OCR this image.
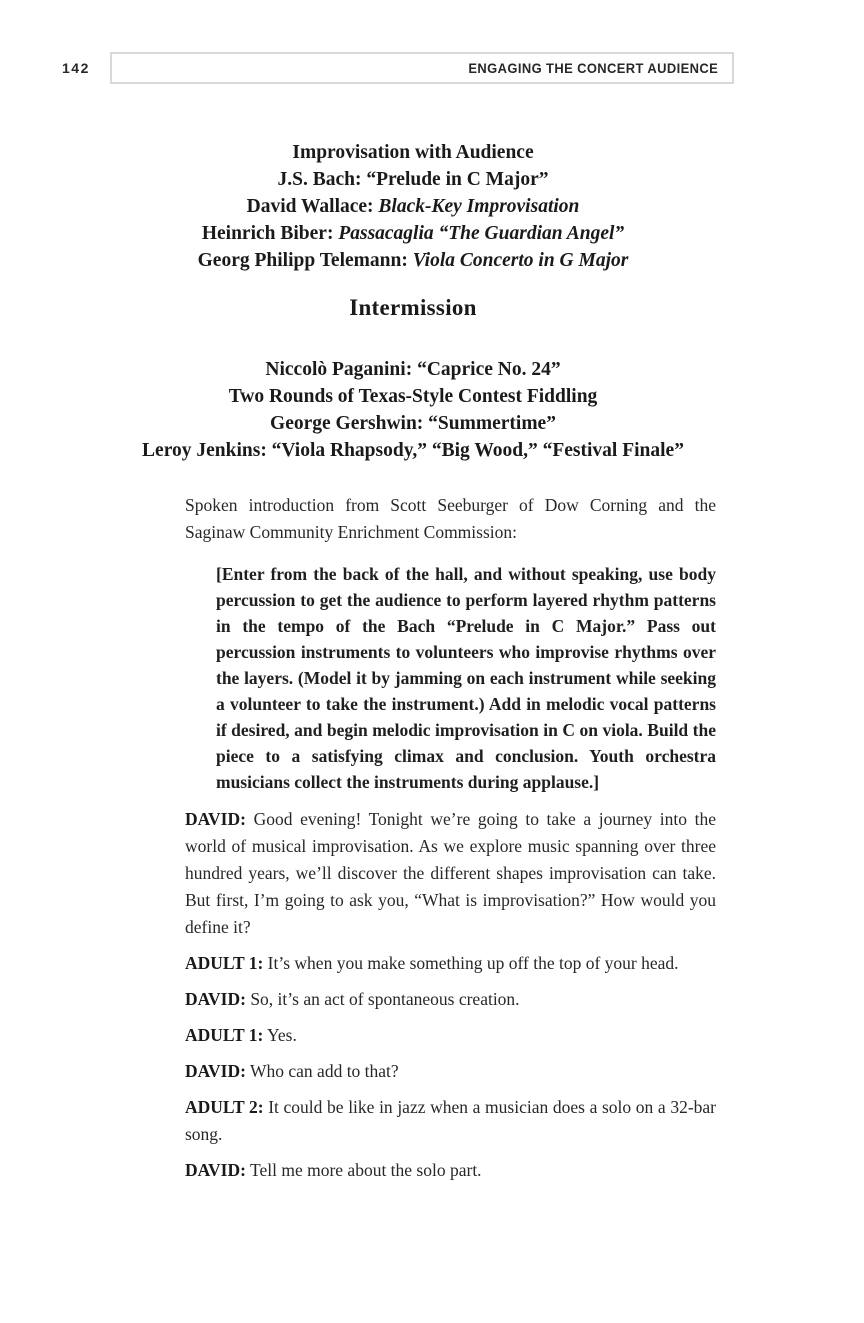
142	ENGAGING THE CONCERT AUDIENCE
Improvisation with Audience
J.S. Bach: “Prelude in C Major”
David Wallace: Black-Key Improvisation
Heinrich Biber: Passacaglia “The Guardian Angel”
Georg Philipp Telemann: Viola Concerto in G Major
Intermission
Niccolò Paganini: “Caprice No. 24”
Two Rounds of Texas-Style Contest Fiddling
George Gershwin: “Summertime”
Leroy Jenkins: “Viola Rhapsody,” “Big Wood,” “Festival Finale”

Spoken introduction from Scott Seeburger of Dow Corning and the Saginaw Community Enrichment Commission:

[Enter from the back of the hall, and without speaking, use body percussion to get the audience to perform layered rhythm patterns in the tempo of the Bach “Prelude in C Major.” Pass out percussion instruments to volunteers who improvise rhythms over the layers. (Model it by jamming on each instrument while seeking a volunteer to take the instrument.) Add in melodic vocal patterns if desired, and begin melodic improvisation in C on viola. Build the piece to a satisfying climax and conclusion. Youth orchestra musicians collect the instruments during applause.]

DAVID: Good evening! Tonight we’re going to take a journey into the world of musical improvisation. As we explore music spanning over three hundred years, we’ll discover the different shapes improvisation can take. But first, I’m going to ask you, “What is improvisation?” How would you define it?

ADULT 1: It’s when you make something up off the top of your head.

DAVID: So, it’s an act of spontaneous creation.

ADULT 1: Yes.

DAVID: Who can add to that?

ADULT 2: It could be like in jazz when a musician does a solo on a 32-bar song.

DAVID: Tell me more about the solo part.
